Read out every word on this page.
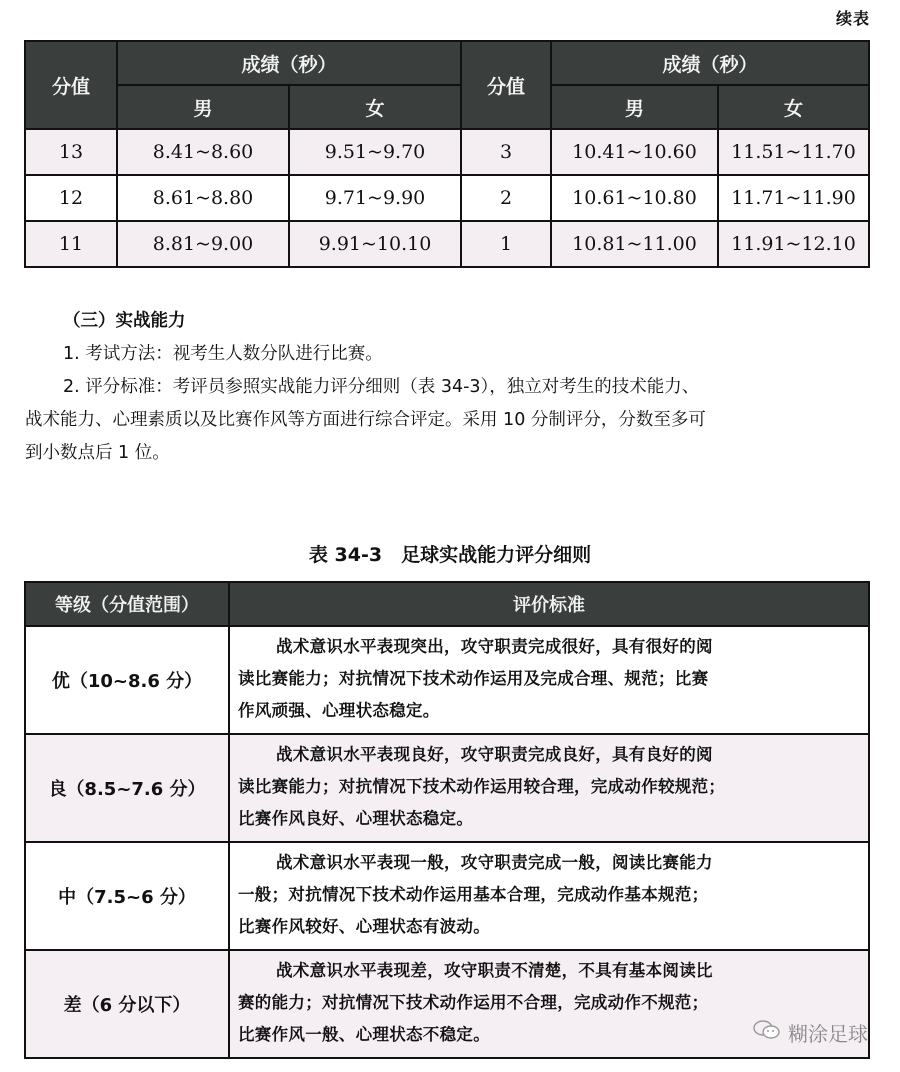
续表
分值	成绩（秒）		分值	成绩（秒）	
	男	女		男	女
13	8.41~8.60	9.51~9.70	3	10.41~10.60	11.51~11.70
12	8.61~8.80	9.71~9.90	2	10.61~10.80	11.71~11.90
11	8.81~9.00	9.91~10.10	1	10.81~11.00	11.91~12.10

（三）实战能力

1. 考试方法：视考生人数分队进行比赛。

2. 评分标准：考评员参照实战能力评分细则（表 34-3），独立对考生的技术能力、

战术能力、心理素质以及比赛作风等方面进行综合评定。采用 10 分制评分，分数至多可

到小数点后 1 位。

表 34-3　足球实战能力评分细则
等级（分值范围）	评价标准
优（10~8.6 分）	战术意识水平表现突出，攻守职责完成很好，具有很好的阅
读比赛能力；对抗情况下技术动作运用及完成合理、规范；比赛
作风顽强、心理状态稳定。

良（8.5~7.6 分）	战术意识水平表现良好，攻守职责完成良好，具有良好的阅
读比赛能力；对抗情况下技术动作运用较合理，完成动作较规范；
比赛作风良好、心理状态稳定。

中（7.5~6 分）	战术意识水平表现一般，攻守职责完成一般，阅读比赛能力
一般；对抗情况下技术动作运用基本合理，完成动作基本规范；
比赛作风较好、心理状态有波动。

差（6 分以下）	战术意识水平表现差，攻守职责不清楚，不具有基本阅读比
赛的能力；对抗情况下技术动作运用不合理，完成动作不规范；
比赛作风一般、心理状态不稳定。	糊涂足球
